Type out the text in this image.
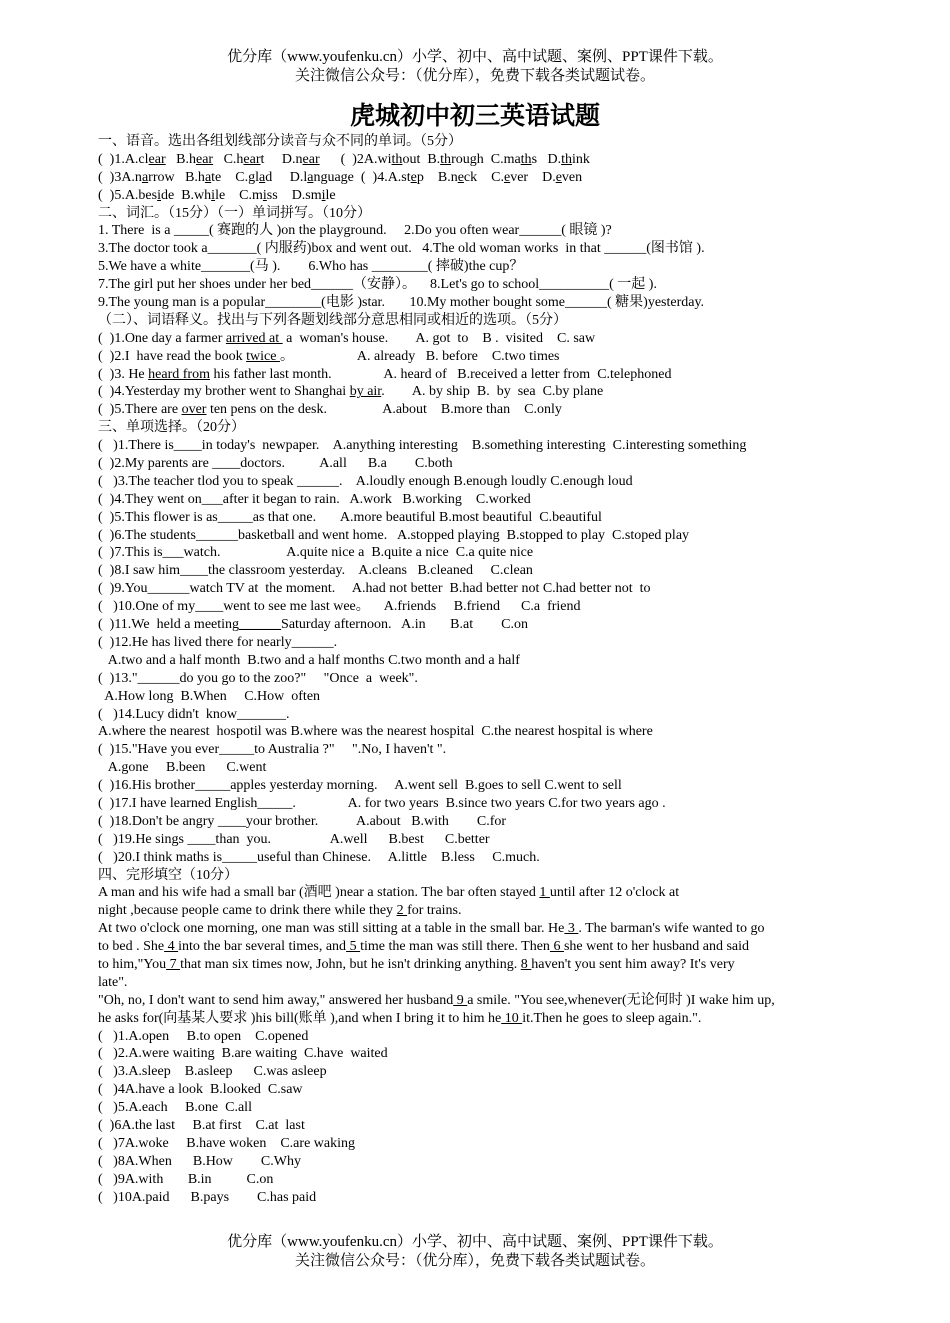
优分库（www.youfenku.cn）小学、初中、高中试题、案例、PPT课件下载。
关注微信公众号：（优分库），免费下载各类试题试卷。
虎城初中初三英语试题
一、语音。选出各组划线部分读音与众不同的单词。（5分）
(  )1.A.clear   B.hear   C.heart     D.near      (  )2A.without  B.through  C.maths   D.think
(  )3A.narrow   B.hate    C.glad     D.language  (  )4.A.step    B.neck    C.ever    D.even
(  )5.A.beside  B.while    C.miss    D.smile
二、词汇。（15分）（一）单词拼写。（10分）
1. There  is a _____( 赛跑的人 )on the playground.     2.Do you often wear______( 眼镜 )?
3.The doctor took a_______( 内服药)box and went out.   4.The old woman works  in that ______(图书馆 ).
5.We have a white_______(马 ).        6.Who has ________( 摔破)the cup？
7.The girl put her shoes under her bed______（安静）。    8.Let's go to school__________( 一起 ).
9.The young man is a popular________(电影 )star.       10.My mother bought some______( 糖果)yesterday.
（二）、词语释义。找出与下列各题划线部分意思相同或相近的选项。（5分）
(  )1.One day a farmer arrived at  a  woman's house.        A. got  to    B .  visited    C. saw
(  )2.I  have read the book twice 。                  A. already   B. before    C.two times
(  )3. He heard from his father last month.               A. heard of   B.received a letter from  C.telephoned
(  )4.Yesterday my brother went to Shanghai by air.        A. by ship  B.  by  sea  C.by plane
(  )5.There are over ten pens on the desk.                A.about    B.more than    C.only
三、单项选择。（20分）
(   )1.There is____in today's  newpaper.    A.anything interesting    B.something interesting  C.interesting something
(  )2.My parents are ____doctors.          A.all      B.a        C.both
(   )3.The teacher tlod you to speak ______.    A.loudly enough B.enough loudly C.enough loud
(  )4.They went on___after it began to rain.   A.work   B.working    C.worked
(  )5.This flower is as_____as that one.       A.more beautiful B.most beautiful  C.beautiful
(  )6.The students______basketball and went home.   A.stopped playing  B.stopped to play  C.stoped play
(  )7.This is___watch.                   A.quite nice a  B.quite a nice  C.a quite nice
(  )8.I saw him____the classroom yesterday.    A.cleans   B.cleaned     C.clean
(  )9.You______watch TV at  the moment.     A.had not better  B.had better not C.had better not  to
(   )10.One of my____went to see me last wee。    A.friends     B.friend      C.a  friend
(  )11.We  held a meeting______Saturday afternoon.   A.in       B.at        C.on
(  )12.He has lived there for nearly______.
A.two and a half month  B.two and a half months C.two month and a half
(  )13."______do you go to the zoo?"     "Once  a  week".
A.How long  B.When     C.How  often
(   )14.Lucy didn't  know_______.
A.where the nearest  hospotil was B.where was the nearest hospital  C.the nearest hospital is where
(  )15."Have you ever_____to Australia ?"     ".No, I haven't ".
A.gone     B.been      C.went
(  )16.His brother_____apples yesterday morning.     A.went sell  B.goes to sell C.went to sell
(  )17.I have learned English_____.               A. for two years  B.since two years C.for two years ago .
(  )18.Don't be angry ____your brother.           A.about   B.with        C.for
(   )19.He sings ____than  you.                 A.well      B.best      C.better
(   )20.I think maths is_____useful than Chinese.     A.little    B.less     C.much.
四、完形填空（10分）
A man and his wife had a small bar (酒吧 )near a station. The bar often stayed 1 until after 12 o'clock at
night ,because people came to drink there while they 2 for trains.
At two o'clock one morning, one man was still sitting at a table in the small bar. He 3 . The barman's wife wanted to go
to bed . She 4 into the bar several times, and 5 time the man was still there. Then 6 she went to her husband and said
to him,"You 7 that man six times now, John, but he isn't drinking anything. 8 haven't you sent him away? It's very
late".
"Oh, no, I don't want to send him away," answered her husband 9 a smile. "You see,whenever(无论何时 )I wake him up,
he asks for(向基某人要求 )his bill(账单 ),and when I bring it to him he 10 it.Then he goes to sleep again.".
(   )1.A.open     B.to open    C.opened
(   )2.A.were waiting  B.are waiting  C.have  waited
(   )3.A.sleep    B.asleep      C.was asleep
(   )4A.have a look  B.looked  C.saw
(   )5.A.each     B.one  C.all
(  )6A.the last     B.at first    C.at  last
(   )7A.woke     B.have woken    C.are waking
(   )8A.When      B.How        C.Why
(   )9A.with       B.in          C.on
(   )10A.paid      B.pays        C.has paid
优分库（www.youfenku.cn）小学、初中、高中试题、案例、PPT课件下载。
关注微信公众号：（优分库），免费下载各类试题试卷。
